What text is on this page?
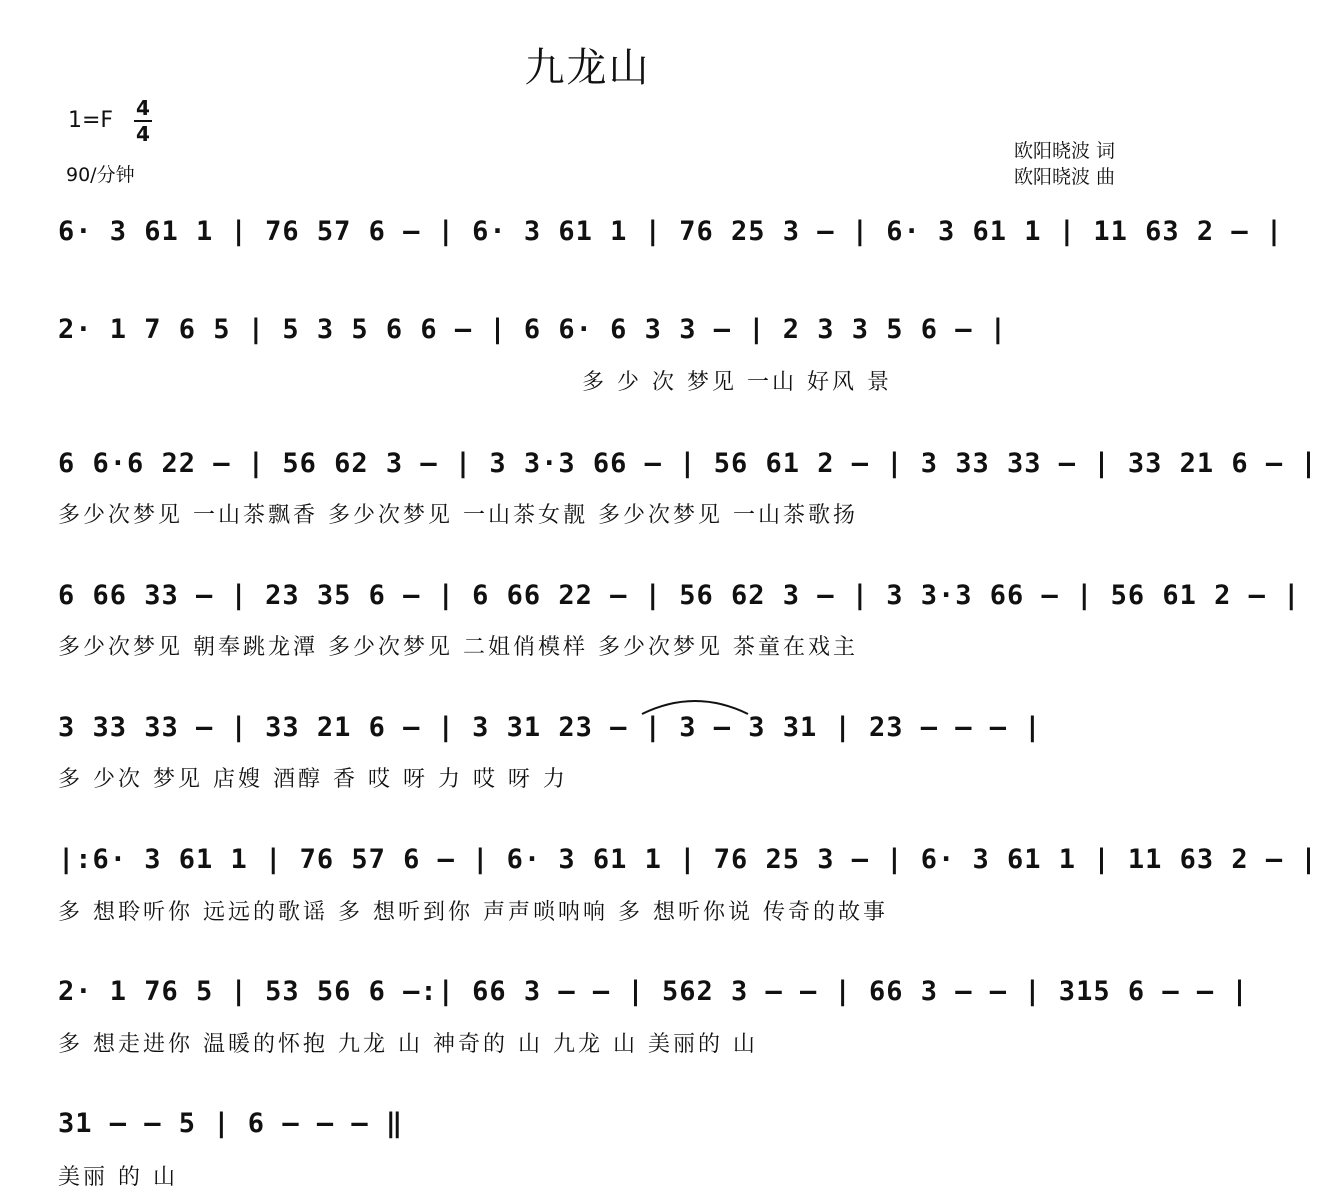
九龙山
1=F 4
4
90/分钟
欧阳晓波 词
欧阳晓波 曲
6· 3 61 1 | 76 57 6 – | 6· 3 61 1 | 76 25 3 – | 6· 3 61 1 | 11 63 2 – |
2· 1 7 6 5 | 5 3 5 6 6 – | 6 6· 6 3 3 – | 2 3 3 5 6 – |
多 少 次 梦见 一山 好风 景
6 6·6 22 – | 56 62 3 – | 3 3·3 66 – | 56 61 2 – | 3 33 33 – | 33 21 6 – |
多少次梦见 一山茶飘香 多少次梦见 一山茶女靓 多少次梦见 一山茶歌扬
6 66 33 – | 23 35 6 – | 6 66 22 – | 56 62 3 – | 3 3·3 66 – | 56 61 2 – |
多少次梦见 朝奉跳龙潭 多少次梦见 二姐俏模样 多少次梦见 茶童在戏主
3 33 33 – | 33 21 6 – | 3 31 23 – | 3 – 3 31 | 23 – – – |
多 少次 梦见 店嫂 酒醇 香 哎 呀 力 哎 呀 力
|:6· 3 61 1 | 76 57 6 – | 6· 3 61 1 | 76 25 3 – | 6· 3 61 1 | 11 63 2 – |
多 想聆听你 远远的歌谣 多 想听到你 声声唢呐响 多 想听你说 传奇的故事
2· 1 76 5 | 53 56 6 –:| 66 3 – – | 562 3 – – | 66 3 – – | 315 6 – – |
多 想走进你 温暖的怀抱 九龙 山 神奇的 山 九龙 山 美丽的 山
31 – – 5 | 6 – – – ‖
美丽 的 山
